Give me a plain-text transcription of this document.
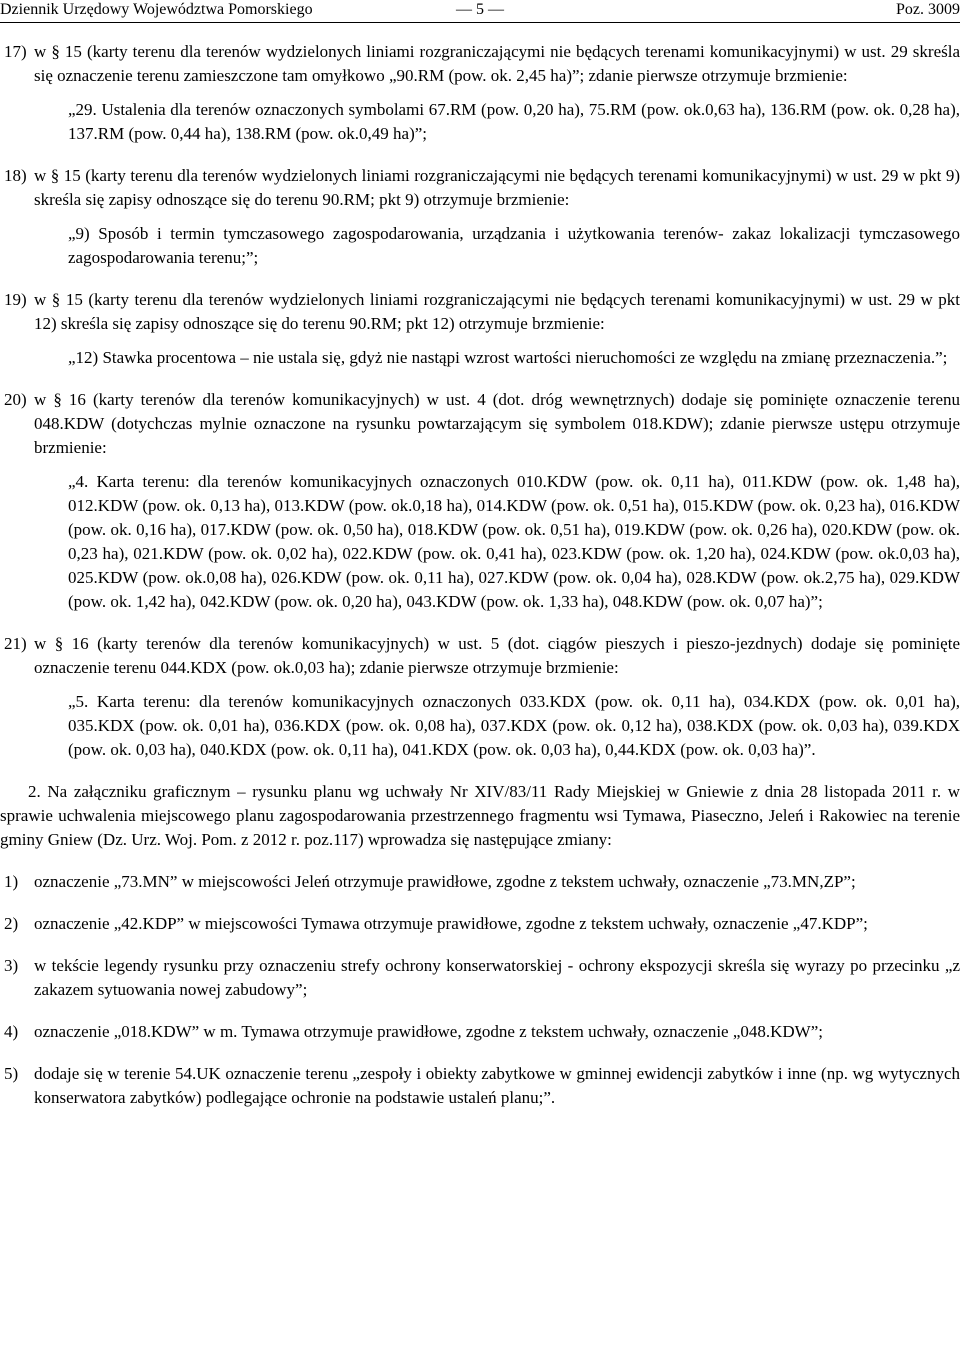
Dziennik Urzędowy Województwa Pomorskiego	— 5 —	Poz. 3009
17) w § 15 (karty terenu dla terenów wydzielonych liniami rozgraniczającymi nie będących terenami komunikacyjnymi) w ust. 29 skreśla się oznaczenie terenu zamieszczone tam omyłkowo „90.RM (pow. ok. 2,45 ha)”; zdanie pierwsze otrzymuje brzmienie:
„29. Ustalenia dla terenów oznaczonych symbolami 67.RM (pow. 0,20 ha), 75.RM (pow. ok.0,63 ha), 136.RM (pow. ok. 0,28 ha), 137.RM (pow. 0,44 ha), 138.RM (pow. ok.0,49 ha)”;
18) w § 15 (karty terenu dla terenów wydzielonych liniami rozgraniczającymi nie będących terenami komunikacyjnymi) w ust. 29 w pkt 9) skreśla się zapisy odnoszące się do terenu 90.RM; pkt 9) otrzymuje brzmienie:
„9) Sposób i termin tymczasowego zagospodarowania, urządzania i użytkowania terenów- zakaz lokalizacji tymczasowego zagospodarowania terenu;”;
19) w § 15 (karty terenu dla terenów wydzielonych liniami rozgraniczającymi nie będących terenami komunikacyjnymi) w ust. 29 w pkt 12) skreśla się zapisy odnoszące się do terenu 90.RM; pkt 12) otrzymuje brzmienie:
„12) Stawka procentowa – nie ustala się, gdyż nie nastąpi wzrost wartości nieruchomości ze względu na zmianę przeznaczenia.”;
20) w § 16 (karty terenów dla terenów komunikacyjnych) w ust. 4 (dot. dróg wewnętrznych) dodaje się pominięte oznaczenie terenu 048.KDW (dotychczas mylnie oznaczone na rysunku powtarzającym się symbolem 018.KDW); zdanie pierwsze ustępu otrzymuje brzmienie:
„4. Karta terenu: dla terenów komunikacyjnych oznaczonych 010.KDW (pow. ok. 0,11 ha), 011.KDW (pow. ok. 1,48 ha), 012.KDW (pow. ok. 0,13 ha), 013.KDW (pow. ok.0,18 ha), 014.KDW (pow. ok. 0,51 ha), 015.KDW (pow. ok. 0,23 ha), 016.KDW (pow. ok. 0,16 ha), 017.KDW (pow. ok. 0,50 ha), 018.KDW (pow. ok. 0,51 ha), 019.KDW (pow. ok. 0,26 ha), 020.KDW (pow. ok. 0,23 ha), 021.KDW (pow. ok. 0,02 ha), 022.KDW (pow. ok. 0,41 ha), 023.KDW (pow. ok. 1,20 ha), 024.KDW (pow. ok.0,03 ha), 025.KDW (pow. ok.0,08 ha), 026.KDW (pow. ok. 0,11 ha), 027.KDW (pow. ok. 0,04 ha), 028.KDW (pow. ok.2,75 ha), 029.KDW (pow. ok. 1,42 ha), 042.KDW (pow. ok. 0,20 ha), 043.KDW (pow. ok. 1,33 ha), 048.KDW (pow. ok. 0,07 ha)”;
21) w § 16 (karty terenów dla terenów komunikacyjnych) w ust. 5 (dot. ciągów pieszych i pieszo-jezdnych) dodaje się pominięte oznaczenie terenu 044.KDX (pow. ok.0,03 ha); zdanie pierwsze otrzymuje brzmienie:
„5. Karta terenu: dla terenów komunikacyjnych oznaczonych 033.KDX (pow. ok. 0,11 ha), 034.KDX (pow. ok. 0,01 ha), 035.KDX (pow. ok. 0,01 ha), 036.KDX (pow. ok. 0,08 ha), 037.KDX (pow. ok. 0,12 ha), 038.KDX (pow. ok. 0,03 ha), 039.KDX (pow. ok. 0,03 ha), 040.KDX (pow. ok. 0,11 ha), 041.KDX (pow. ok. 0,03 ha), 0,44.KDX (pow. ok. 0,03 ha)”.
2. Na załączniku graficznym – rysunku planu wg uchwały Nr XIV/83/11 Rady Miejskiej w Gniewie z dnia 28 listopada 2011 r. w sprawie uchwalenia miejscowego planu zagospodarowania przestrzennego fragmentu wsi Tymawa, Piaseczno, Jeleń i Rakowiec na terenie gminy Gniew (Dz. Urz. Woj. Pom. z 2012 r. poz.117) wprowadza się następujące zmiany:
1) oznaczenie „73.MN” w miejscowości Jeleń otrzymuje prawidłowe, zgodne z tekstem uchwały, oznaczenie „73.MN,ZP”;
2) oznaczenie „42.KDP” w miejscowości Tymawa otrzymuje prawidłowe, zgodne z tekstem uchwały, oznaczenie „47.KDP”;
3) w tekście legendy rysunku przy oznaczeniu strefy ochrony konserwatorskiej - ochrony ekspozycji skreśla się wyrazy po przecinku „z zakazem sytuowania nowej zabudowy”;
4) oznaczenie „018.KDW” w m. Tymawa otrzymuje prawidłowe, zgodne z tekstem uchwały, oznaczenie „048.KDW”;
5) dodaje się w terenie 54.UK oznaczenie terenu „zespoły i obiekty zabytkowe w gminnej ewidencji zabytków i inne (np. wg wytycznych konserwatora zabytków) podlegające ochronie na podstawie ustaleń planu;”.
